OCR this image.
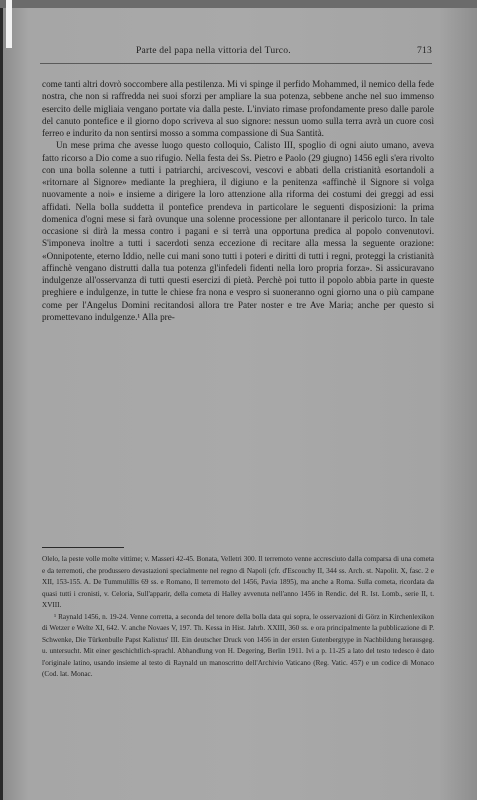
Parte del papa nella vittoria del Turco.	713

come tanti altri dovrò soccombere alla pestilenza. Mi vi spinge il perfido Mohammed, il nemico della fede nostra, che non si raffredda nei suoi sforzi per ampliare la sua potenza, sebbene anche nel suo immenso esercito delle migliaia vengano portate via dalla peste. L'inviato rimase profondamente preso dalle parole del canuto pontefice e il giorno dopo scriveva al suo signore: nessun uomo sulla terra avrà un cuore così ferreo e indurito da non sentirsi mosso a somma compassione di Sua Santità.

Un mese prima che avesse luogo questo colloquio, Calisto III, spoglio di ogni aiuto umano, aveva fatto ricorso a Dio come a suo rifugio. Nella festa dei Ss. Pietro e Paolo (29 giugno) 1456 egli s'era rivolto con una bolla solenne a tutti i patriarchi, arcivescovi, vescovi e abbati della cristianità esortandoli a «ritornare al Signore» mediante la preghiera, il digiuno e la penitenza «affinchè il Signore si volga nuovamente a noi» e insieme a dirigere la loro attenzione alla riforma dei costumi dei greggi ad essi affidati. Nella bolla suddetta il pontefice prendeva in particolare le seguenti disposizioni: la prima domenica d'ogni mese si farà ovunque una solenne processione per allontanare il pericolo turco. In tale occasione si dirà la messa contro i pagani e si terrà una opportuna predica al popolo convenutovi. S'imponeva inoltre a tutti i sacerdoti senza eccezione di recitare alla messa la seguente orazione: «Onnipotente, eterno Iddio, nelle cui mani sono tutti i poteri e diritti di tutti i regni, proteggi la cristianità affinchè vengano distrutti dalla tua potenza gl'infedeli fidenti nella loro propria forza». Si assicuravano indulgenze all'osservanza di tutti questi esercizi di pietà. Perchè poi tutto il popolo abbia parte in queste preghiere e indulgenze, in tutte le chiese fra nona e vespro si suoneranno ogni giorno una o più campane come per l'Angelus Domini recitandosi allora tre Pater noster e tre Ave Maria; anche per questo si promettevano indulgenze.¹ Alla pre-

Olelo, la peste volle molte vittime; v. Masseri 42-45. Bonata, Velletri 300. Il terremoto venne accresciuto dalla comparsa di una cometa e da terremoti, che produssero devastazioni specialmente nel regno di Napoli (cfr. d'Escouchy II, 344 ss. Arch. st. Napolit. X, fasc. 2 e XII, 153-155. A. De Tummulillis 69 ss. e Romano, Il terremoto del 1456, Pavia 1895), ma anche a Roma. Sulla cometa, ricordata da quasi tutti i cronisti, v. Celoria, Sull'apparir, della cometa di Halley avvenuta nell'anno 1456 in Rendic. del R. Ist. Lomb., serie II, t. XVIII.

¹ Raynald 1456, n. 19-24. Venne corretta, a seconda del tenore della bolla data qui sopra, le osservazioni di Görz in Kirchenlexikon di Wetzer e Welte XI, 642. V. anche Novaes V, 197. Th. Kessa in Hist. Jahrb. XXIII, 360 ss. e ora principalmente la pubblicazione di P. Schwenke, Die Türkenbulle Papst Kalixtus' III. Ein deutscher Druck von 1456 in der ersten Gutenbergtype in Nachbildung herausgeg. u. untersucht. Mit einer geschichtlich-sprachl. Abhandlung von H. Degering, Berlin 1911. Ivi a p. 11-25 a lato del testo tedesco è dato l'originale latino, usando insieme al testo di Raynald un manoscritto dell'Archivio Vaticano (Reg. Vatic. 457) e un codice di Monaco (Cod. lat. Monac.
